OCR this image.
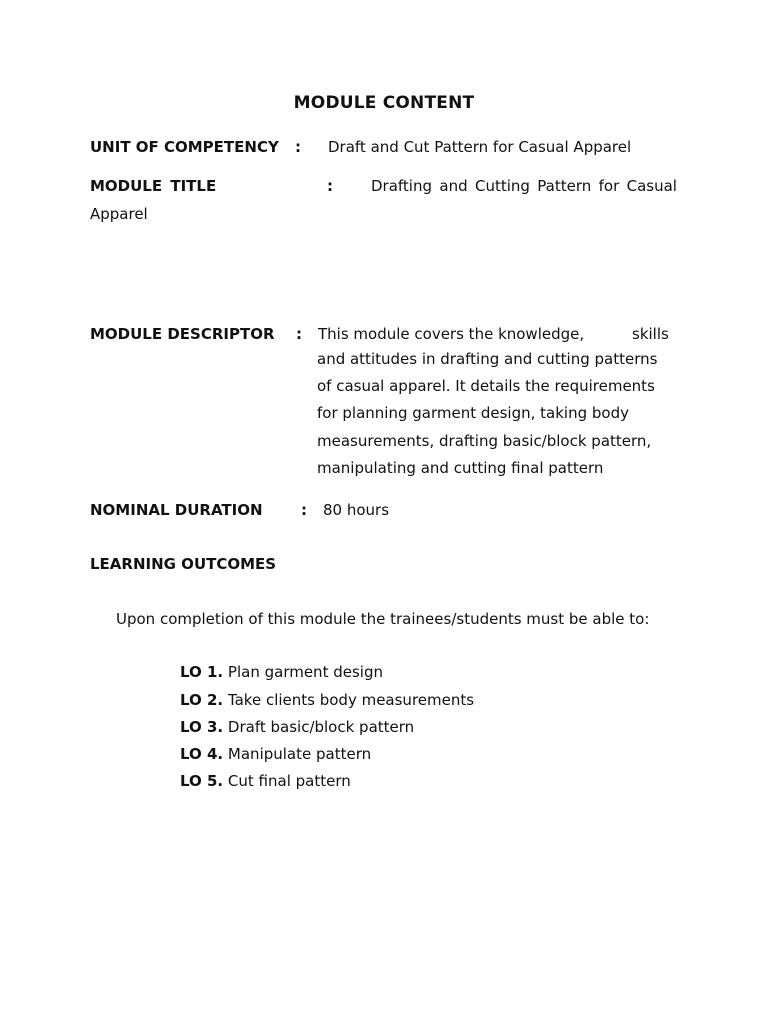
MODULE CONTENT
UNIT OF COMPETENCY : Draft and Cut Pattern for Casual Apparel
MODULE TITLE	:	Drafting and Cutting Pattern for Casual
Apparel
MODULE DESCRIPTOR : This module covers the knowledge,	skills
and attitudes in drafting and cutting patterns
of casual apparel. It details the requirements
for planning garment design, taking body
measurements, drafting basic/block pattern,
manipulating and cutting final pattern
NOMINAL DURATION	: 80 hours
LEARNING OUTCOMES
Upon completion of this module the trainees/students must be able to:
LO 1. Plan garment design
LO 2. Take clients body measurements
LO 3. Draft basic/block pattern
LO 4. Manipulate pattern
LO 5. Cut final pattern
